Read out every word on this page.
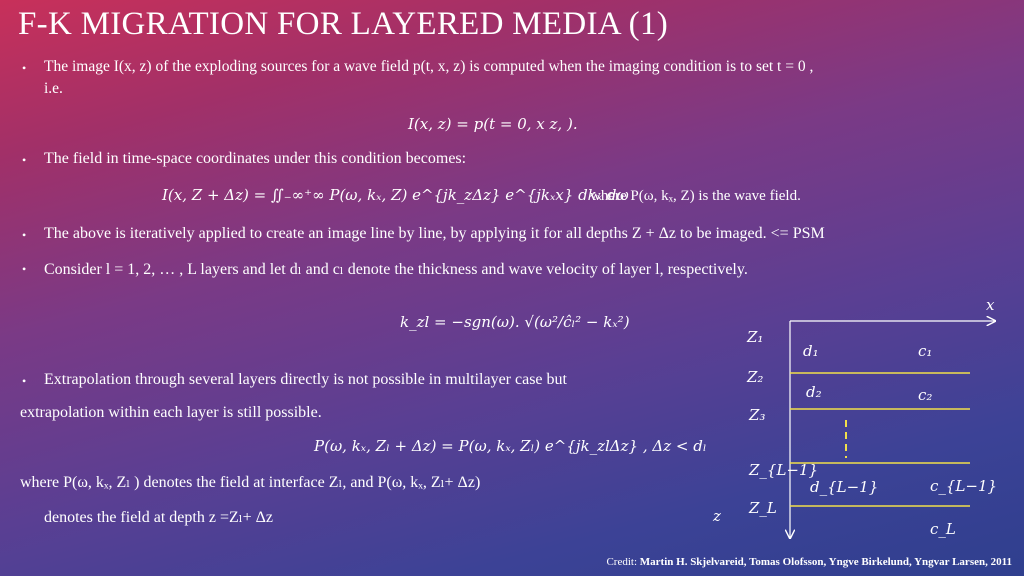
F-K MIGRATION FOR LAYERED MEDIA (1)
• The image I(x, z) of the exploding sources for a wave field p(t, x, z) is computed when the imaging condition is to set t = 0 ,
i.e.
I(x, z) = p(t = 0, x z, ).
• The field in time-space coordinates under this condition becomes:
I(x, Z + Δz) = ∬₋∞⁺∞ P(ω, kₓ, Z) e^{jk_zΔz} e^{jkₓx} dkₓ dω
where P(ω, kₓ, Z) is the wave field.
• The above is iteratively applied to create an image line by line, by applying it for all depths Z + Δz to be imaged. <= PSM
• Consider l = 1, 2, … , L layers and let dₗ and cₗ denote the thickness and wave velocity of layer l, respectively.
k_zl = −sgn(ω). √(ω²/ĉₗ² − kₓ²)
• Extrapolation through several layers directly is not possible in multilayer case but
extrapolation within each layer is still possible.
P(ω, kₓ, Zₗ + Δz) = P(ω, kₓ, Zₗ) e^{jk_zlΔz} , Δz < dₗ
where P(ω, kₓ, Zₗ ) denotes the field at interface Zₗ, and P(ω, kₓ, Zₗ+ Δz)
denotes the field at depth z =Zₗ+ Δz
x
z
Z₁
Z₂
Z₃
Z_{L−1}
Z_L
d₁
d₂
d_{L−1}
c₁
c₂
c_{L−1}
c_L
Credit: Martin H. Skjelvareid, Tomas Olofsson, Yngve Birkelund, Yngvar Larsen, 2011
